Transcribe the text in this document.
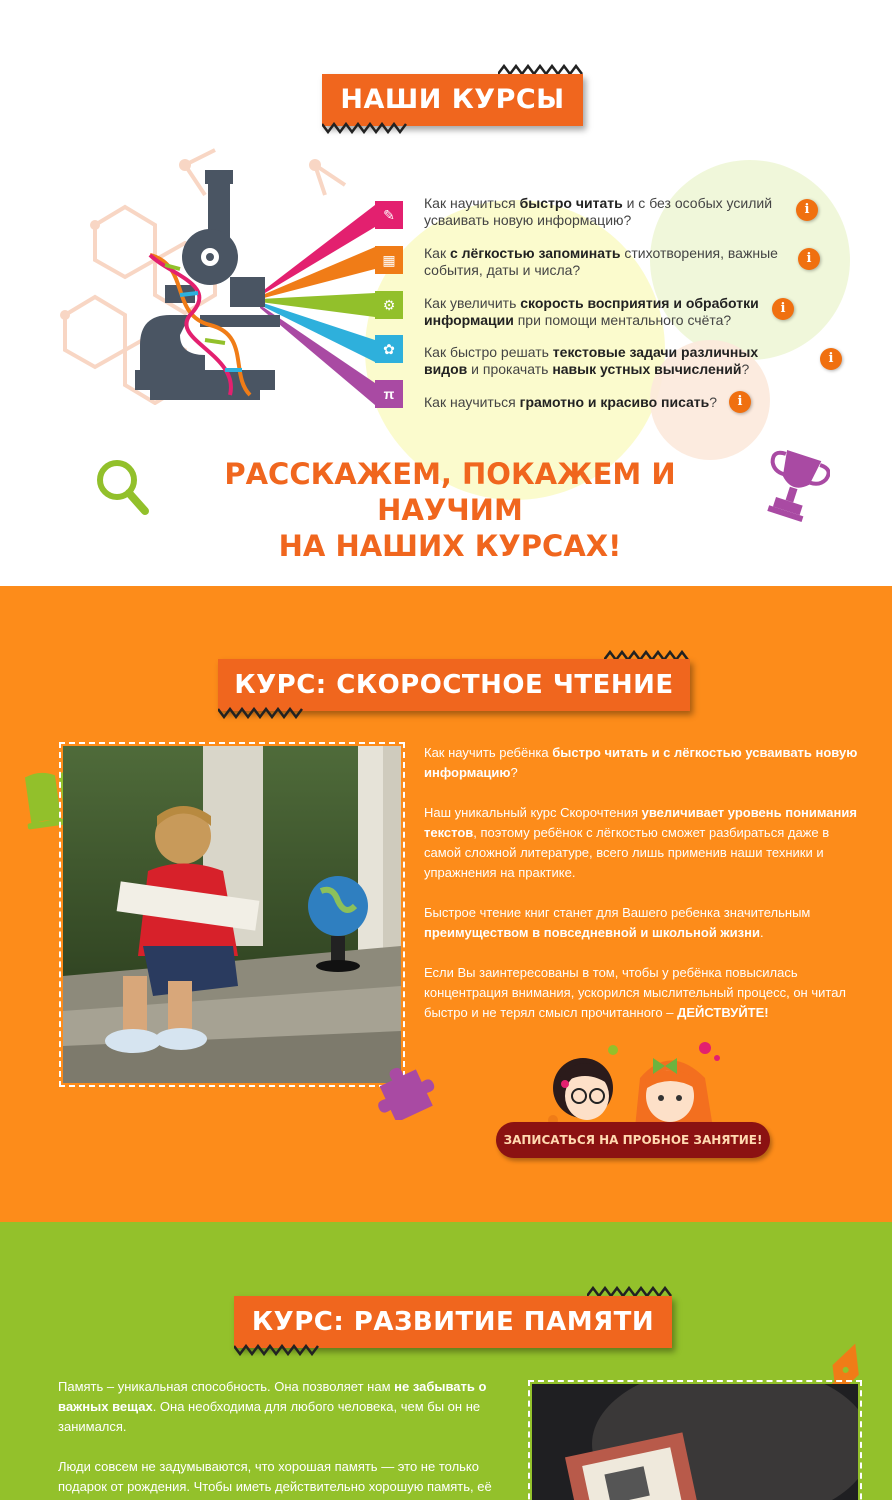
НАШИ КУРСЫ
✎
▦
⚙
✿
π
Как научиться быстро читать и с без особых усилий усваивать новую информацию?
i
Как с лёгкостью запоминать стихотворения, важные события, даты и числа?
i
Как увеличить скорость восприятия и обработки информации при помощи ментального счёта?
i
Как быстро решать текстовые задачи различных видов и прокачать навык устных вычислений?
i
Как научиться грамотно и красиво писать?	i
РАССКАЖЕМ, ПОКАЖЕМ И НАУЧИМ
НА НАШИХ КУРСАХ!
КУРС: СКОРОСТНОЕ ЧТЕНИЕ

Как научить ребёнка быстро читать и с лёгкостью усваивать новую информацию?

Наш уникальный курс Скорочтения увеличивает уровень понимания текстов, поэтому ребёнок с лёгкостью сможет разбираться даже в самой сложной литературе, всего лишь применив наши техники и упражнения на практике.

Быстрое чтение книг станет для Вашего ребенка значительным преимуществом в повседневной и школьной жизни.

Если Вы заинтересованы в том, чтобы у ребёнка повысилась концентрация внимания, ускорился мыслительный процесс, он читал быстро и не терял смысл прочитанного – ДЕЙСТВУЙТЕ!

ЗАПИСАТЬСЯ НА ПРОБНОЕ ЗАНЯТИЕ!
КУРС: РАЗВИТИЕ ПАМЯТИ

Память – уникальная способность. Она позволяет нам не забывать о важных вещах. Она необходима для любого человека, чем бы он не занимался.

Люди совсем не задумываются, что хорошая память — это не только подарок от рождения. Чтобы иметь действительно хорошую память, её
